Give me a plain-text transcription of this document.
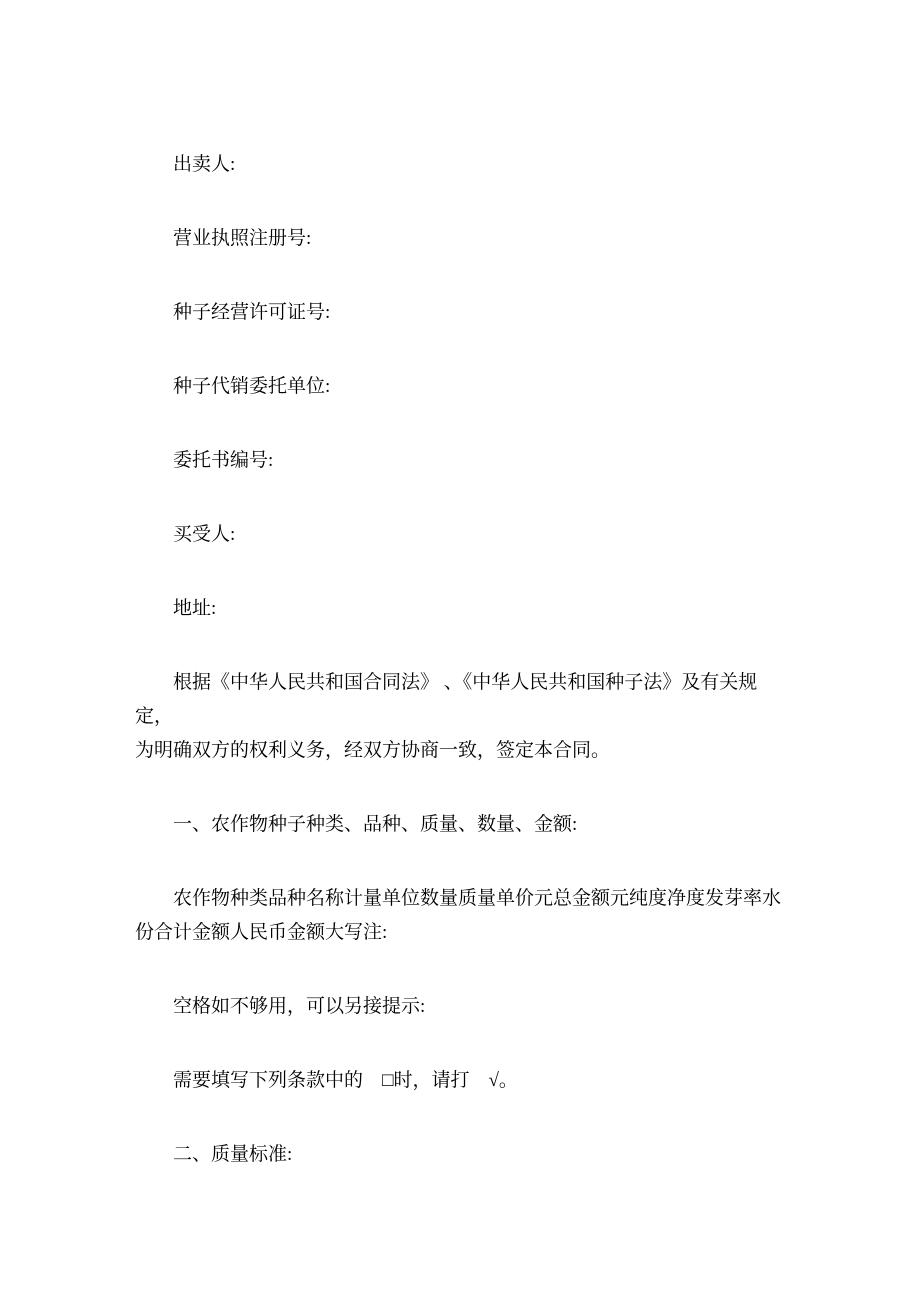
出卖人:
营业执照注册号:
种子经营许可证号:
种子代销委托单位:
委托书编号:
买受人:
地址:
根据《中华人民共和国合同法》 、《中华人民共和国种子法》及有关规定，
为明确双方的权利义务，经双方协商一致，签定本合同。
一、农作物种子种类、品种、质量、数量、金额:
农作物种类品种名称计量单位数量质量单价元总金额元纯度净度发芽率水
份合计金额人民币金额大写注:
空格如不够用，可以另接提示:
需要填写下列条款中的　□时，请打　√。
二、质量标准:
